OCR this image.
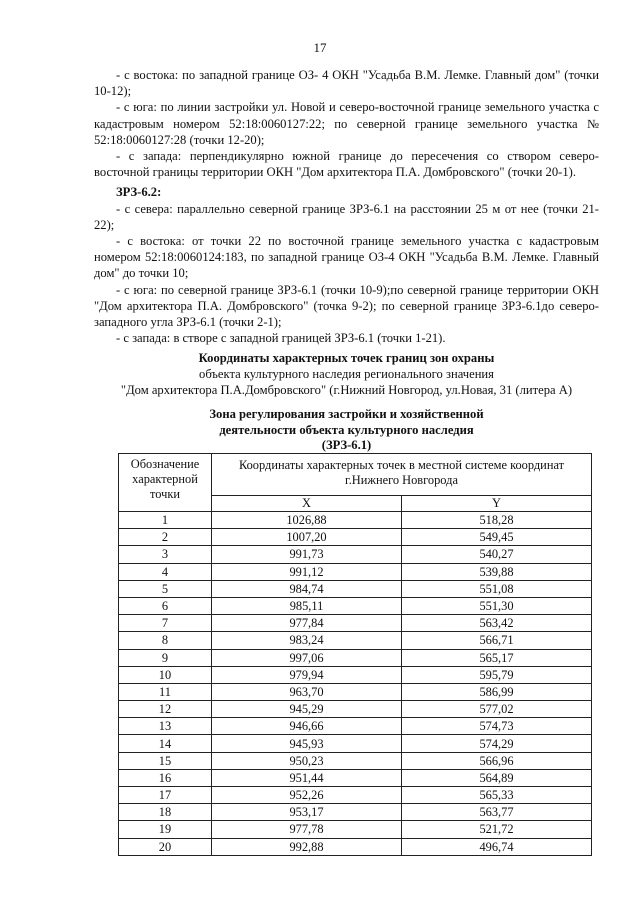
17

- с востока: по западной границе ОЗ- 4 ОКН "Усадьба В.М. Лемке. Главный дом" (точки 10-12);

- с юга: по линии застройки ул. Новой и северо-восточной границе земельного участка с кадастровым номером 52:18:0060127:22; по северной границе земельного участка № 52:18:0060127:28 (точки 12-20);

- с запада: перпендикулярно южной границе до пересечения со створом северо-восточной границы территории ОКН "Дом архитектора П.А. Домбровского" (точки 20-1).

ЗРЗ-6.2:

- с севера: параллельно северной границе ЗРЗ-6.1 на расстоянии 25 м от нее (точки 21-22);

- с востока: от точки 22 по восточной границе земельного участка с кадастровым номером 52:18:0060124:183, по западной границе ОЗ-4 ОКН "Усадьба В.М. Лемке. Главный дом" до точки 10;

- с юга: по северной границе ЗРЗ-6.1 (точки 10-9);по северной границе территории ОКН "Дом архитектора П.А. Домбровского" (точка 9-2); по северной границе ЗРЗ-6.1до северо-западного угла ЗРЗ-6.1 (точки 2-1);

- с запада: в створе с западной границей ЗРЗ-6.1 (точки 1-21).

Координаты характерных точек границ зон охраны
объекта культурного наследия регионального значения
"Дом архитектора П.А.Домбровского" (г.Нижний Новгород, ул.Новая, 31 (литера А)
Зона регулирования застройки и хозяйственной
деятельности объекта культурного наследия
(ЗРЗ-6.1)
Обозначение характерной точки	Координаты характерных точек в местной системе координат г.Нижнего Новгорода	
	X	Y
1	1026,88	518,28
2	1007,20	549,45
3	991,73	540,27
4	991,12	539,88
5	984,74	551,08
6	985,11	551,30
7	977,84	563,42
8	983,24	566,71
9	997,06	565,17
10	979,94	595,79
11	963,70	586,99
12	945,29	577,02
13	946,66	574,73
14	945,93	574,29
15	950,23	566,96
16	951,44	564,89
17	952,26	565,33
18	953,17	563,77
19	977,78	521,72
20	992,88	496,74
